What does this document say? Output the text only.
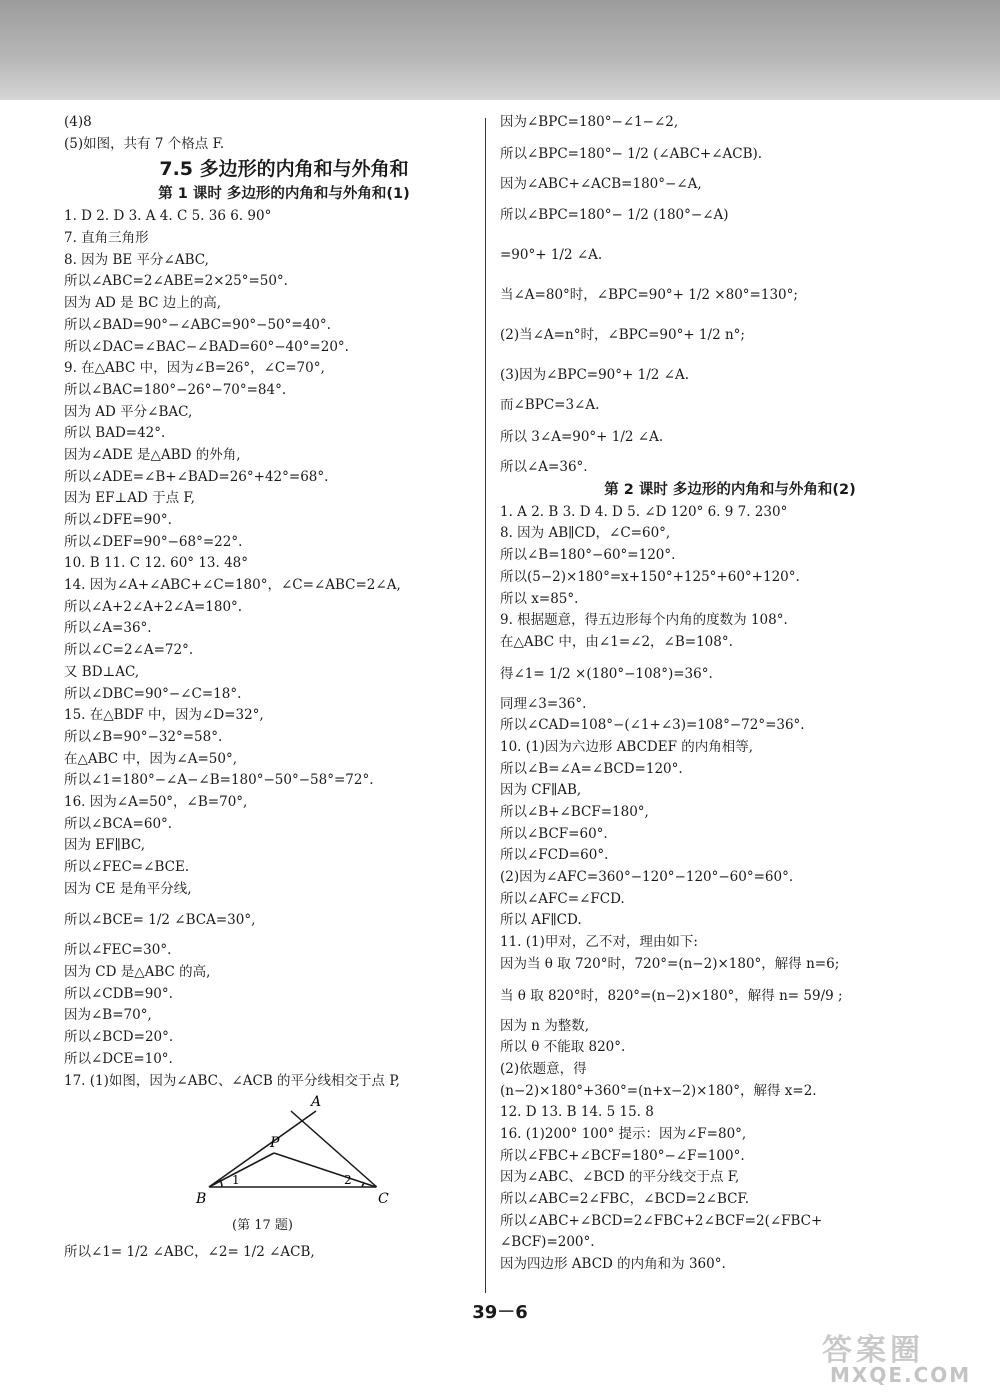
(4)8
(5)如图，共有 7 个格点 F.
7.5 多边形的内角和与外角和
第 1 课时 多边形的内角和与外角和(1)
1. D 2. D 3. A 4. C 5. 36 6. 90°
7. 直角三角形
8. 因为 BE 平分∠ABC,
所以∠ABC=2∠ABE=2×25°=50°.
因为 AD 是 BC 边上的高,
所以∠BAD=90°−∠ABC=90°−50°=40°.
所以∠DAC=∠BAC−∠BAD=60°−40°=20°.
9. 在△ABC 中，因为∠B=26°，∠C=70°,
所以∠BAC=180°−26°−70°=84°.
因为 AD 平分∠BAC,
所以 BAD=42°.
因为∠ADE 是△ABD 的外角,
所以∠ADE=∠B+∠BAD=26°+42°=68°.
因为 EF⊥AD 于点 F,
所以∠DFE=90°.
所以∠DEF=90°−68°=22°.
10. B 11. C 12. 60° 13. 48°
14. 因为∠A+∠ABC+∠C=180°，∠C=∠ABC=2∠A,
所以∠A+2∠A+2∠A=180°.
所以∠A=36°.
所以∠C=2∠A=72°.
又 BD⊥AC,
所以∠DBC=90°−∠C=18°.
15. 在△BDF 中，因为∠D=32°,
所以∠B=90°−32°=58°.
在△ABC 中，因为∠A=50°,
所以∠1=180°−∠A−∠B=180°−50°−58°=72°.
16. 因为∠A=50°，∠B=70°,
所以∠BCA=60°.
因为 EF∥BC,
所以∠FEC=∠BCE.
因为 CE 是角平分线,
所以∠BCE= 1/2 ∠BCA=30°,
所以∠FEC=30°.
因为 CD 是△ABC 的高,
所以∠CDB=90°.
因为∠B=70°,
所以∠BCD=20°.
所以∠DCE=10°.
17. (1)如图，因为∠ABC、∠ACB 的平分线相交于点 P,
A
P
B	C
1	2
(第 17 题)
所以∠1= 1/2 ∠ABC，∠2= 1/2 ∠ACB,
因为∠BPC=180°−∠1−∠2,
所以∠BPC=180°− 1/2 (∠ABC+∠ACB).
因为∠ABC+∠ACB=180°−∠A,
所以∠BPC=180°− 1/2 (180°−∠A)
=90°+ 1/2 ∠A.
当∠A=80°时，∠BPC=90°+ 1/2 ×80°=130°;
(2)当∠A=n°时，∠BPC=90°+ 1/2 n°;
(3)因为∠BPC=90°+ 1/2 ∠A.
而∠BPC=3∠A.
所以 3∠A=90°+ 1/2 ∠A.
所以∠A=36°.
第 2 课时 多边形的内角和与外角和(2)
1. A 2. B 3. D 4. D 5. ∠D 120° 6. 9 7. 230°
8. 因为 AB∥CD，∠C=60°,
所以∠B=180°−60°=120°.
所以(5−2)×180°=x+150°+125°+60°+120°.
所以 x=85°.
9. 根据题意，得五边形每个内角的度数为 108°.
在△ABC 中，由∠1=∠2，∠B=108°.
得∠1= 1/2 ×(180°−108°)=36°.
同理∠3=36°.
所以∠CAD=108°−(∠1+∠3)=108°−72°=36°.
10. (1)因为六边形 ABCDEF 的内角相等,
所以∠B=∠A=∠BCD=120°.
因为 CF∥AB,
所以∠B+∠BCF=180°,
所以∠BCF=60°.
所以∠FCD=60°.
(2)因为∠AFC=360°−120°−120°−60°=60°.
所以∠AFC=∠FCD.
所以 AF∥CD.
11. (1)甲对，乙不对，理由如下:
因为当 θ 取 720°时，720°=(n−2)×180°，解得 n=6;
当 θ 取 820°时，820°=(n−2)×180°，解得 n= 59/9 ;
因为 n 为整数,
所以 θ 不能取 820°.
(2)依题意，得
(n−2)×180°+360°=(n+x−2)×180°，解得 x=2.
12. D 13. B 14. 5 15. 8
16. (1)200° 100° 提示：因为∠F=80°,
所以∠FBC+∠BCF=180°−∠F=100°.
因为∠ABC、∠BCD 的平分线交于点 F,
所以∠ABC=2∠FBC，∠BCD=2∠BCF.
所以∠ABC+∠BCD=2∠FBC+2∠BCF=2(∠FBC+
∠BCF)=200°.
因为四边形 ABCD 的内角和为 360°.
39－6
答案圈
MXQE.COM
